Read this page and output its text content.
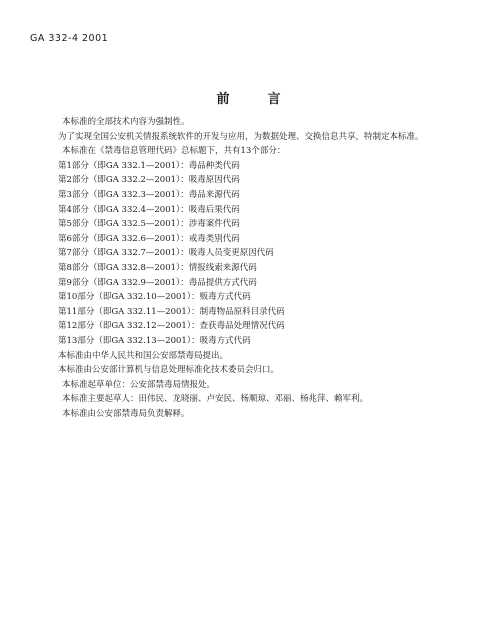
GA 332-4 2001
前言
本标准的全部技术内容为强制性。
为了实现全国公安机关情报系统软件的开发与应用，为数据处理、交换信息共享，特制定本标准。
本标准在《禁毒信息管理代码》总标题下，共有13个部分：
第1部分（即GA 332.1—2001）：毒品种类代码
第2部分（即GA 332.2—2001）：吸毒原因代码
第3部分（即GA 332.3—2001）：毒品来源代码
第4部分（即GA 332.4—2001）：吸毒后果代码
第5部分（即GA 332.5—2001）：涉毒案件代码
第6部分（即GA 332.6—2001）：戒毒类别代码
第7部分（即GA 332.7—2001）：吸毒人员变更原因代码
第8部分（即GA 332.8—2001）：情报线索来源代码
第9部分（即GA 332.9—2001）：毒品提供方式代码
第10部分（即GA 332.10—2001）：贩毒方式代码
第11部分（即GA 332.11—2001）：制毒物品原料目录代码
第12部分（即GA 332.12—2001）：查获毒品处理情况代码
第13部分（即GA 332.13—2001）：吸毒方式代码
本标准由中华人民共和国公安部禁毒局提出。
本标准由公安部计算机与信息处理标准化技术委员会归口。
本标准起草单位：公安部禁毒局情报处。
本标准主要起草人：田伟民、龙晓丽、卢安民、杨顺琼、邓丽、杨兆萍、赖军利。
本标准由公安部禁毒局负责解释。
